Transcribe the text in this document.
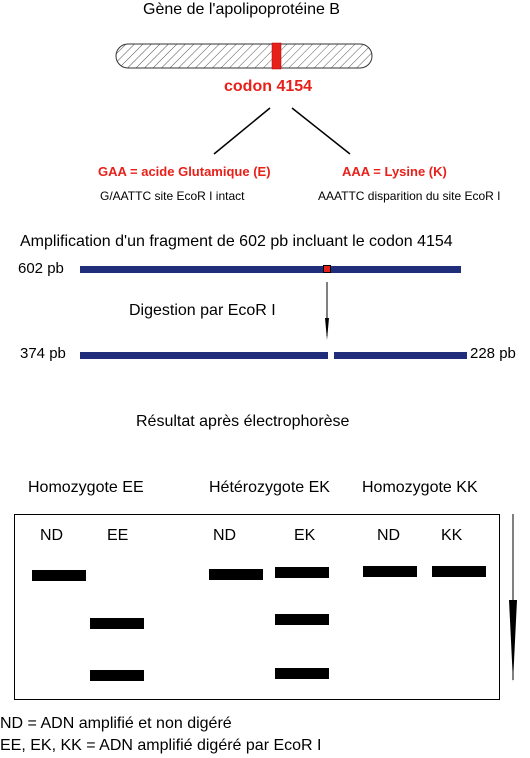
Gène de l'apolipoprotéine B
codon 4154
GAA = acide Glutamique (E)
G/AATTC site EcoR I intact
AAA = Lysine (K)
AAATTC disparition du site EcoR I
Amplification d'un fragment de 602 pb incluant le codon 4154
602 pb
Digestion par EcoR I
374 pb	228 pb
Résultat après électrophorèse
Homozygote EE	Hétérozygote EK Homozygote KK
ND	EE	ND	EK	ND	KK
ND = ADN amplifié et non digéré
EE, EK, KK = ADN amplifié digéré par EcoR I
